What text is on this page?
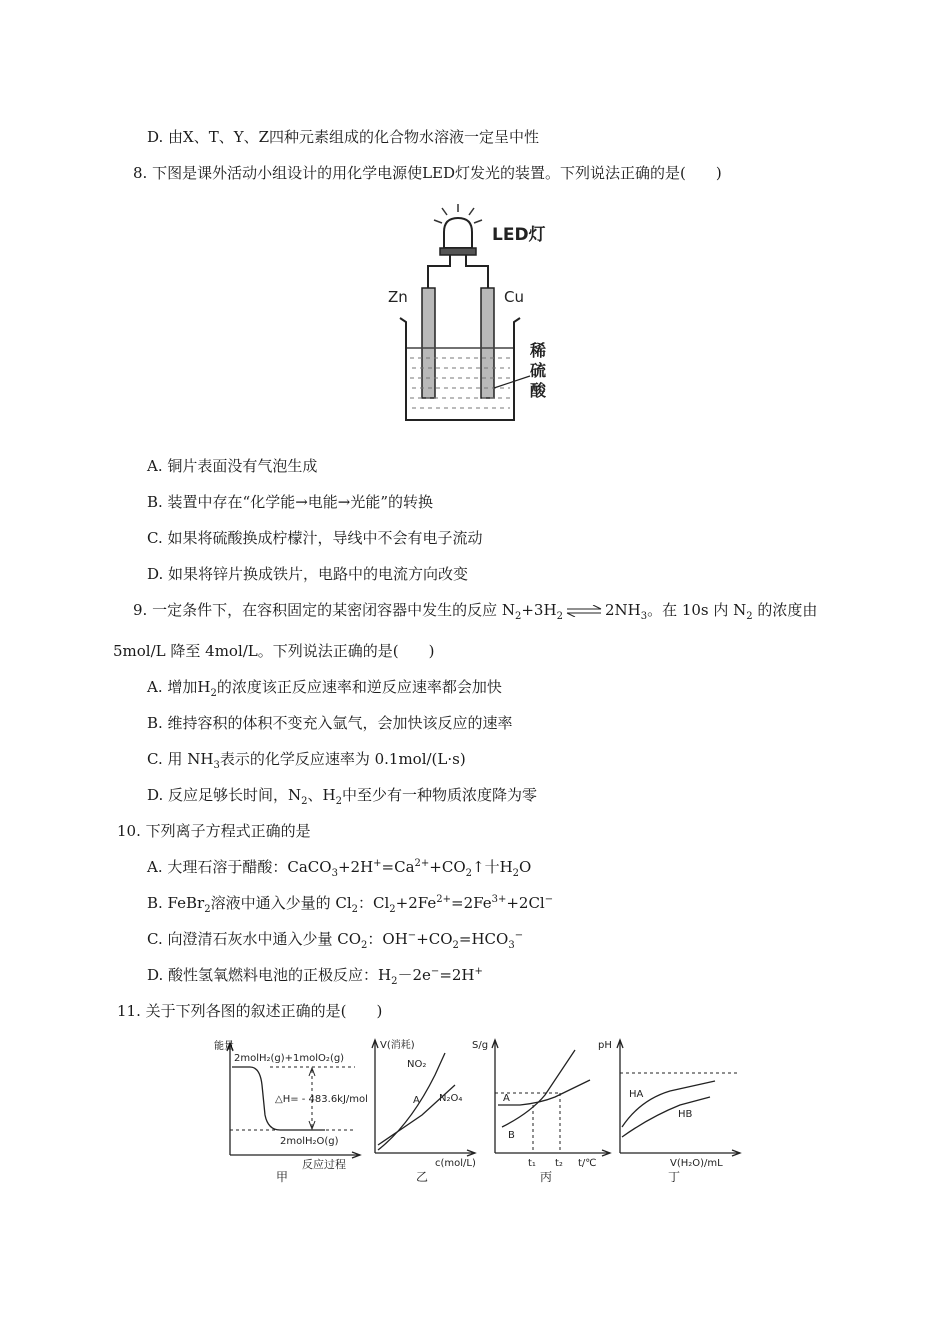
D. 由X、T、Y、Z四种元素组成的化合物水溶液一定呈中性
8. 下图是课外活动小组设计的用化学电源使LED灯发光的装置。下列说法正确的是(　　)
LED灯
Zn	Cu
稀
硫
酸
A. 铜片表面没有气泡生成
B. 装置中存在“化学能→电能→光能”的转换
C. 如果将硫酸换成柠檬汁，导线中不会有电子流动
D. 如果将锌片换成铁片，电路中的电流方向改变
9. 一定条件下，在容积固定的某密闭容器中发生的反应 $N_2+3H_2$ ⇌ $2NH_3$。在 10s 内 $N_2$ 的浓度由
5mol/L 降至 4mol/L。下列说法正确的是(　　)
A. 增加$H_2$的浓度该正反应速率和逆反应速率都会加快
B. 维持容积的体积不变充入氩气，会加快该反应的速率
C. 用 $NH_3$表示的化学反应速率为 0.1mol/(L·s)
D. 反应足够长时间，$N_2$、$H_2$中至少有一种物质浓度降为零
10. 下列离子方程式正确的是
A. 大理石溶于醋酸：$CaCO_3+2H^+=Ca^{2+}+CO_2↑$十$H_2O$
B. FeBr$_2$溶液中通入少量的 $Cl_2$：$Cl_2+2Fe^{2+}=2Fe^{3+}+2Cl^-$
C. 向澄清石灰水中通入少量 $CO_2$：$OH^-+CO_2=HCO_3^-$
D. 酸性氢氧燃料电池的正极反应：$H_2-2e^-=2H^+$
11. 关于下列各图的叙述正确的是(　　)
能量
2molH₂(g)+1molO₂(g)
△H= - 483.6kJ/mol
2molH₂O(g)
反应过程
甲
V(消耗)
NO₂
A N₂O₄
c(mol/L)
乙
S/g
A
B
t₁ t₂ t/℃
丙
pH
HA
HB
V(H₂O)/mL
丁
